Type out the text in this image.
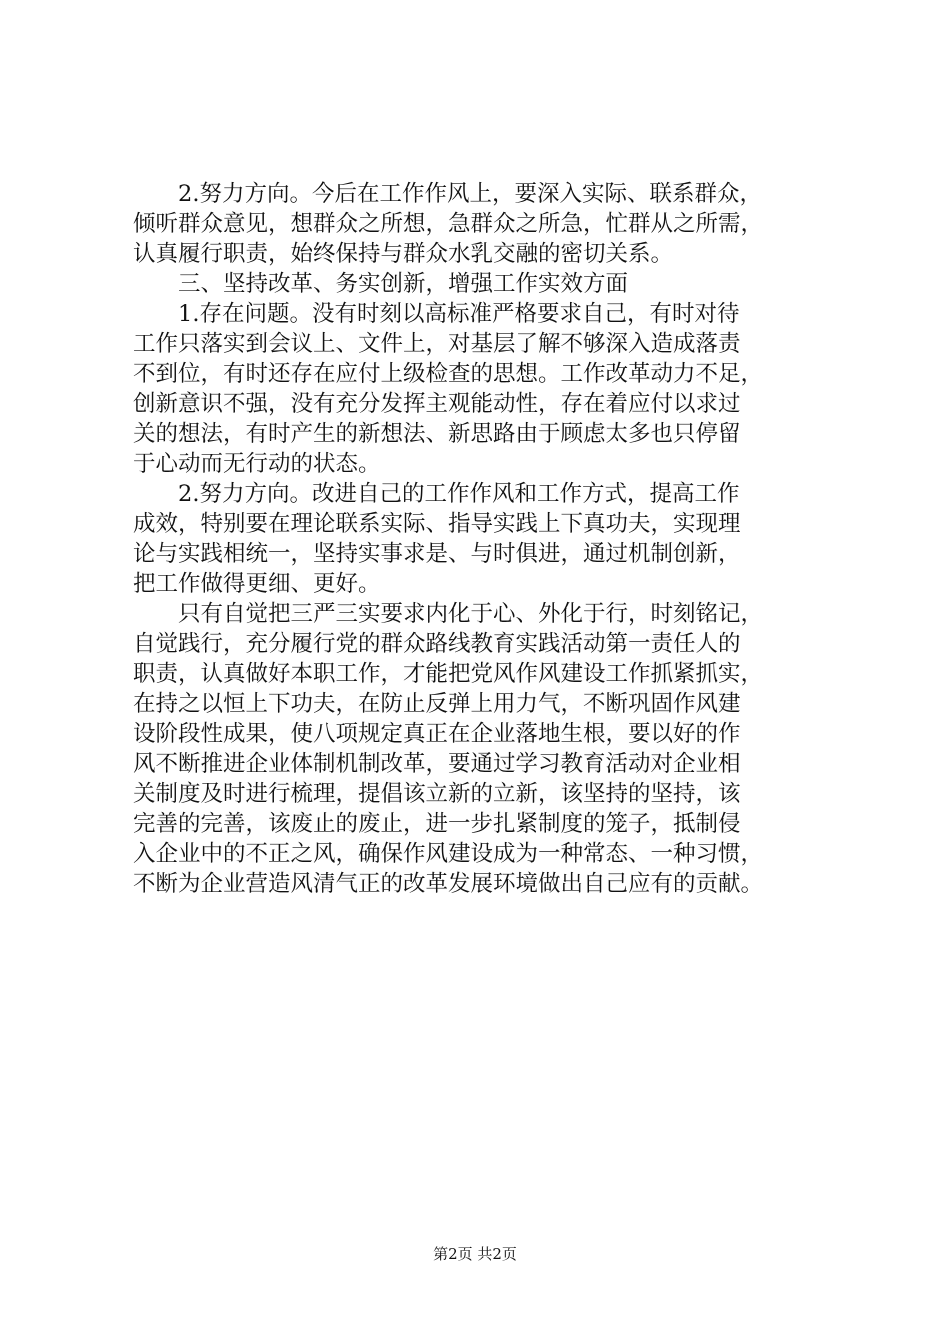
　　2.努力方向。今后在工作作风上，要深入实际、联系群众，
倾听群众意见，想群众之所想，急群众之所急，忙群从之所需，
认真履行职责，始终保持与群众水乳交融的密切关系。
　　三、坚持改革、务实创新，增强工作实效方面
　　1.存在问题。没有时刻以高标准严格要求自己，有时对待
工作只落实到会议上、文件上，对基层了解不够深入造成落责
不到位，有时还存在应付上级检查的思想。工作改革动力不足，
创新意识不强，没有充分发挥主观能动性，存在着应付以求过
关的想法，有时产生的新想法、新思路由于顾虑太多也只停留
于心动而无行动的状态。
　　2.努力方向。改进自己的工作作风和工作方式，提高工作
成效，特别要在理论联系实际、指导实践上下真功夫，实现理
论与实践相统一，坚持实事求是、与时俱进，通过机制创新，
把工作做得更细、更好。
　　只有自觉把三严三实要求内化于心、外化于行，时刻铭记，
自觉践行，充分履行党的群众路线教育实践活动第一责任人的
职责，认真做好本职工作，才能把党风作风建设工作抓紧抓实，
在持之以恒上下功夫，在防止反弹上用力气，不断巩固作风建
设阶段性成果，使八项规定真正在企业落地生根，要以好的作
风不断推进企业体制机制改革，要通过学习教育活动对企业相
关制度及时进行梳理，提倡该立新的立新，该坚持的坚持，该
完善的完善，该废止的废止，进一步扎紧制度的笼子，抵制侵
入企业中的不正之风，确保作风建设成为一种常态、一种习惯，
不断为企业营造风清气正的改革发展环境做出自己应有的贡献。
第2页 共2页
